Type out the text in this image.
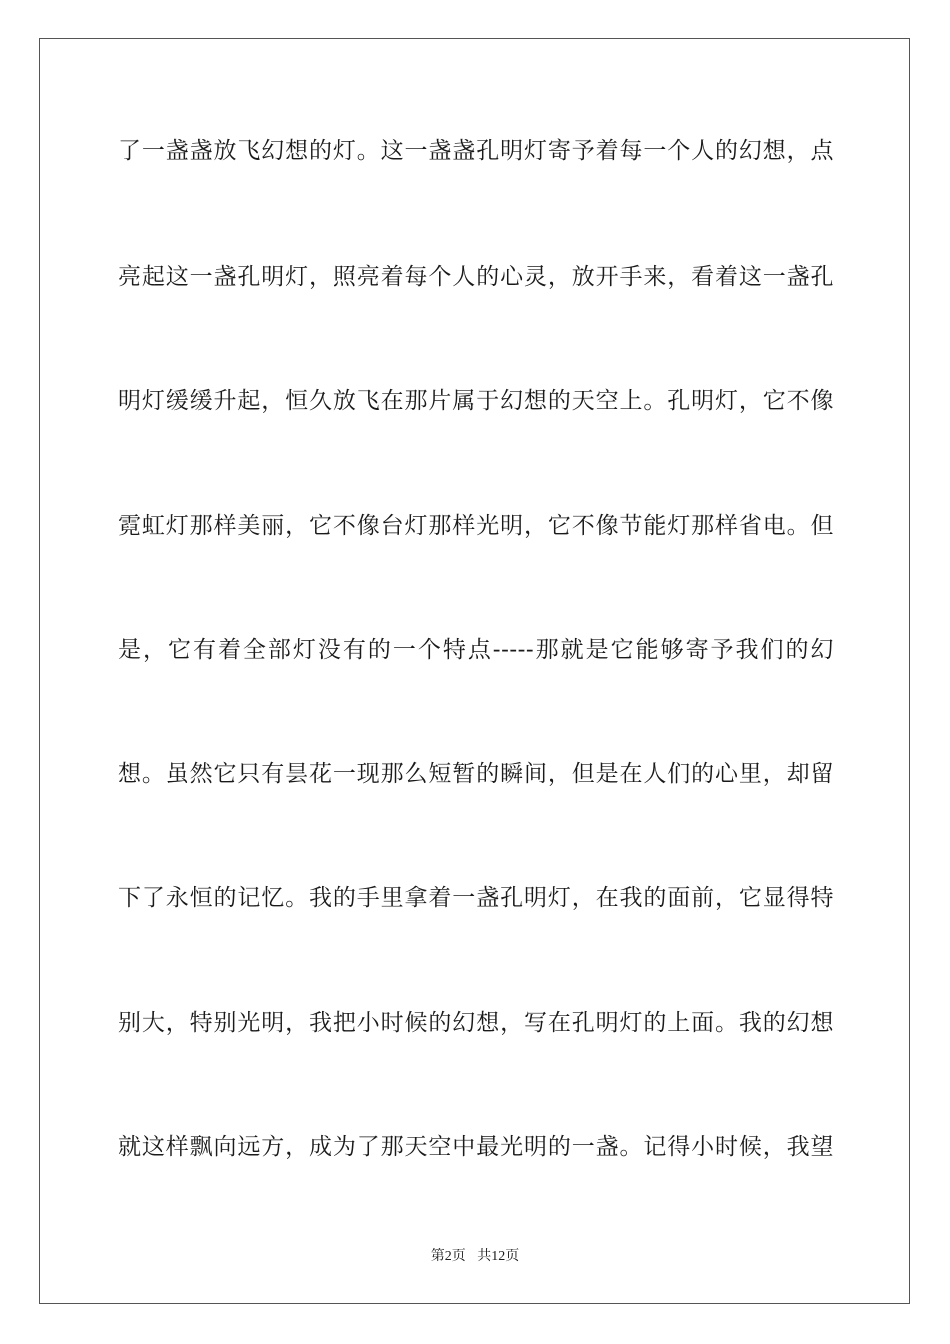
了一盏盏放飞幻想的灯。这一盏盏孔明灯寄予着每一个人的幻想，点
亮起这一盏孔明灯，照亮着每个人的心灵，放开手来，看着这一盏孔
明灯缓缓升起，恒久放飞在那片属于幻想的天空上。孔明灯，它不像
霓虹灯那样美丽，它不像台灯那样光明，它不像节能灯那样省电。但
是，它有着全部灯没有的一个特点-----那就是它能够寄予我们的幻
想。虽然它只有昙花一现那么短暂的瞬间，但是在人们的心里，却留
下了永恒的记忆。我的手里拿着一盏孔明灯，在我的面前，它显得特
别大，特别光明，我把小时候的幻想，写在孔明灯的上面。我的幻想
就这样飘向远方，成为了那天空中最光明的一盏。记得小时候，我望
第2页 共12页
